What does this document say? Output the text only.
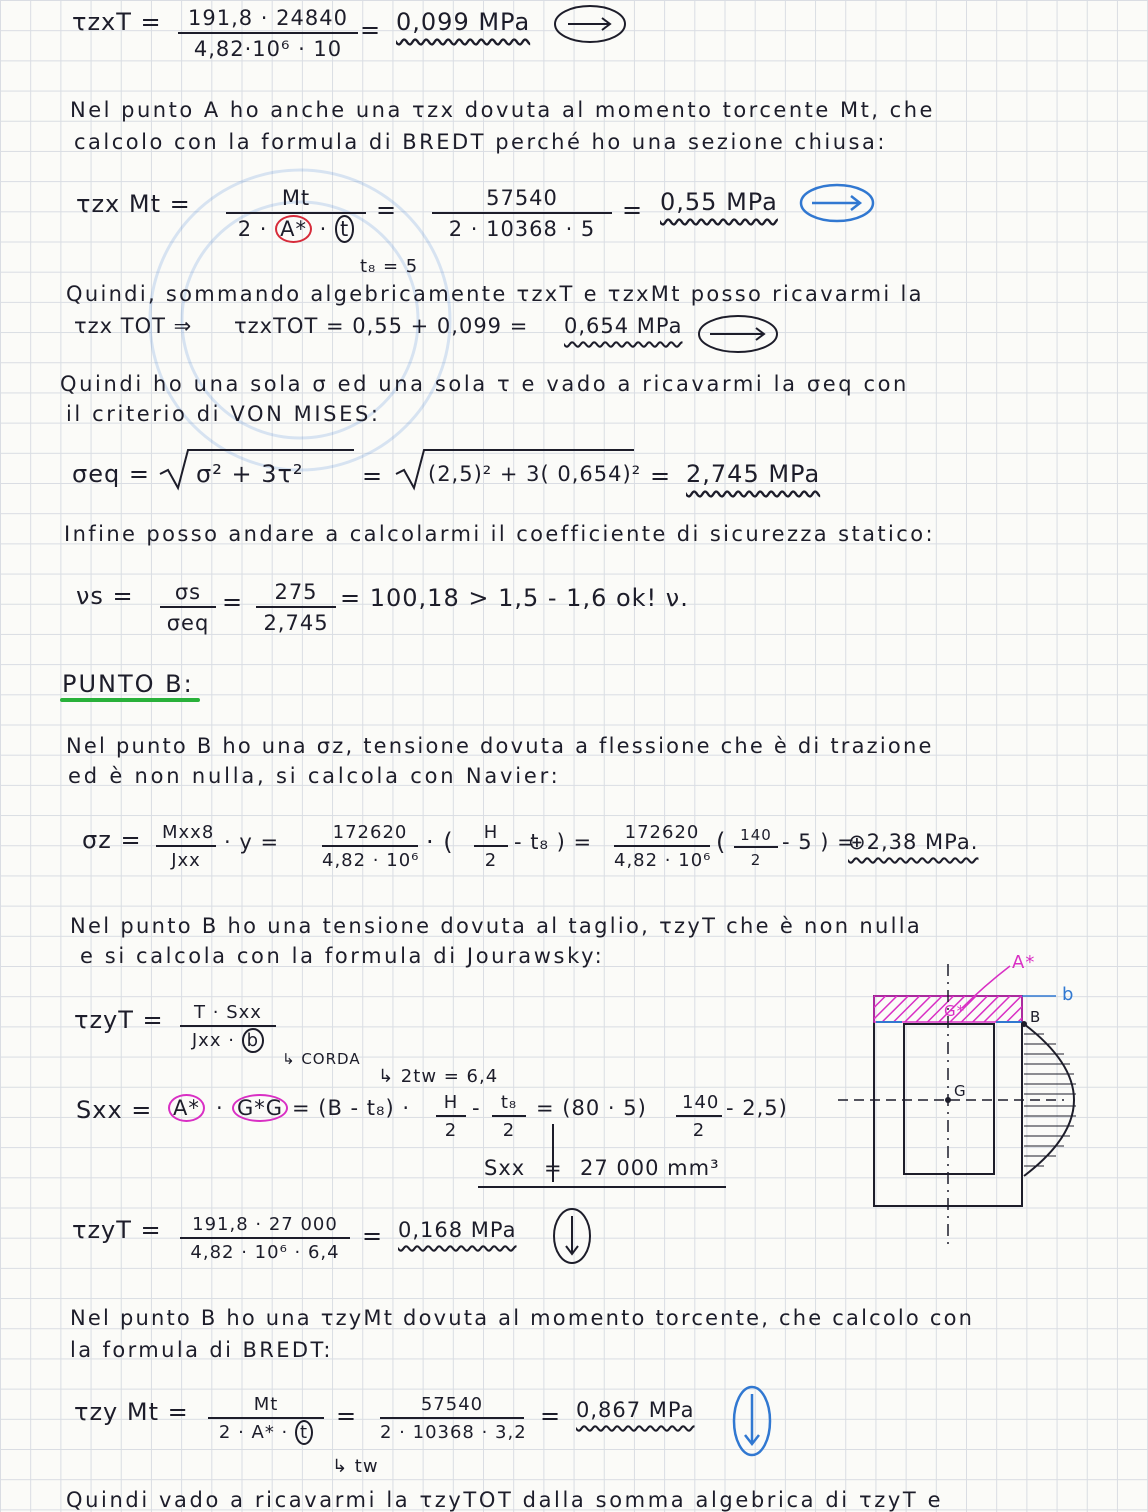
$\tau zxT = \frac{191,8 \cdot 24840}{\text{4,82·10⁶ · 10}} = 0,099$ MPa
Nel punto A ho anche una τzx dovuta al momento torcente Mt, che
calcolo con la formula di BREDT perché ho una sezione chiusa:
τzx $Mt = \frac{Mt}{2 \cdot A* \cdot t} = \frac{57540}{2 \cdot 10368 \cdot 5} = 0,55$ MPa
t₈ = 5
Quindi, sommando algebricamente τzxT e τzxMt posso ricavarmi la
τzx TOT ⇒ τzxTOT = 0,55 + 0,099 = 0,654 MPa
Quindi ho una sola σ ed una sola τ e vado a ricavarmi la σeq con
il criterio di VON MISES:
σeq = σ² + 3τ² = (2,5)² + 3( 0,654)² = 2,745 MPa
Infine posso andare a calcolarmi il coefficiente di sicurezza statico:
νs =	σs
σeq
= $\frac{275}{2,745} = 100,18 > 1,5 - 1,6$ ok! ν.
PUNTO B:
Nel punto B ho una σz, tensione dovuta a flessione che è di trazione
ed è non nulla, si calcola con Navier:
σz =	Mxx8
Jxx
· $y = \frac{172620}{\text{4,82 · 10⁶}}$ · ( $\frac{H}{2} - t_8$ ) = $\frac{172620}{\text{4,82 · 10⁶}}$ ( $\frac{140}{2} - 5$ ) =
⊕2,38 MPa.
Nel punto B ho una tensione dovuta al taglio, τzyT che è non nulla
e si calcola con la formula di Jourawsky:
τzyT =	T · Sxx
Jxx · b
↳ CORDA
↳ 2tw = 6,4
Sxx = $A* \cdot G*G = (B - t_8) \cdot \frac{H}{2} - \frac{\text{t₈}}{2} = (80 \cdot 5) \frac{140}{2} - 2,5$)
Sxx = 27 000 mm³
$\tau zyT = \frac{191,8 \cdot 27 000}{\text{4,82 · 10⁶ · 6,4}} = 0,168$ MPa
Nel punto B ho una τzyMt dovuta al momento torcente, che calcolo con
la formula di BREDT:
τzy $Mt = \frac{Mt}{2 \cdot A* \cdot t} = \frac{57540}{2 \cdot 10368 \cdot 3,2} = 0,867$ MPa
↳ tw
Quindi vado a ricavarmi la τzyTOT dalla somma algebrica di τzyT e
A*
b
B
G
G*
